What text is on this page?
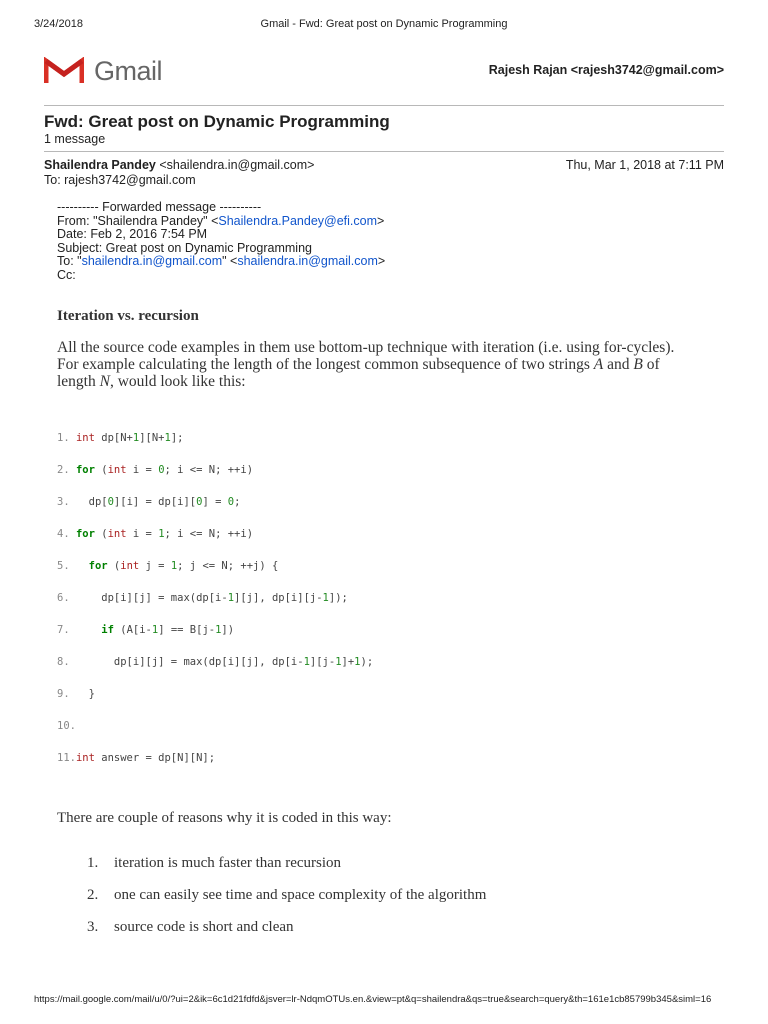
3/24/2018	Gmail - Fwd: Great post on Dynamic Programming
Gmail	Rajesh Rajan <rajesh3742@gmail.com>
Fwd: Great post on Dynamic Programming
1 message
Shailendra Pandey <shailendra.in@gmail.com>	Thu, Mar 1, 2018 at 7:11 PM
To: rajesh3742@gmail.com
---------- Forwarded message ----------
From: "Shailendra Pandey" <Shailendra.Pandey@efi.com>
Date: Feb 2, 2016 7:54 PM
Subject: Great post on Dynamic Programming
To: "shailendra.in@gmail.com" <shailendra.in@gmail.com>
Cc:
Iteration vs. recursion
All the source code examples in them use bottom-up technique with iteration (i.e. using for-cycles). For example calculating the length of the longest common subsequence of two strings A and B of length N, would look like this:
1. int dp[N+1][N+1];
2. for (int i = 0; i <= N; ++i)
3.   dp[0][i] = dp[i][0] = 0;
4. for (int i = 1; i <= N; ++i)
5. for (int j = 1; j <= N; ++j) {
6.     dp[i][j] = max(dp[i-1][j], dp[i][j-1]);
7.	if (A[i-1] == B[j-1])
8.       dp[i][j] = max(dp[i][j], dp[i-1][j-1]+1);
9.   }
10.
11.int answer = dp[N][N];
There are couple of reasons why it is coded in this way:
1. iteration is much faster than recursion
2. one can easily see time and space complexity of the algorithm
3. source code is short and clean
https://mail.google.com/mail/u/0/?ui=2&ik=6c1d21fdfd&jsver=lr-NdqmOTUs.en.&view=pt&q=shailendra&qs=true&search=query&th=161e1cb85799b345&siml=16
